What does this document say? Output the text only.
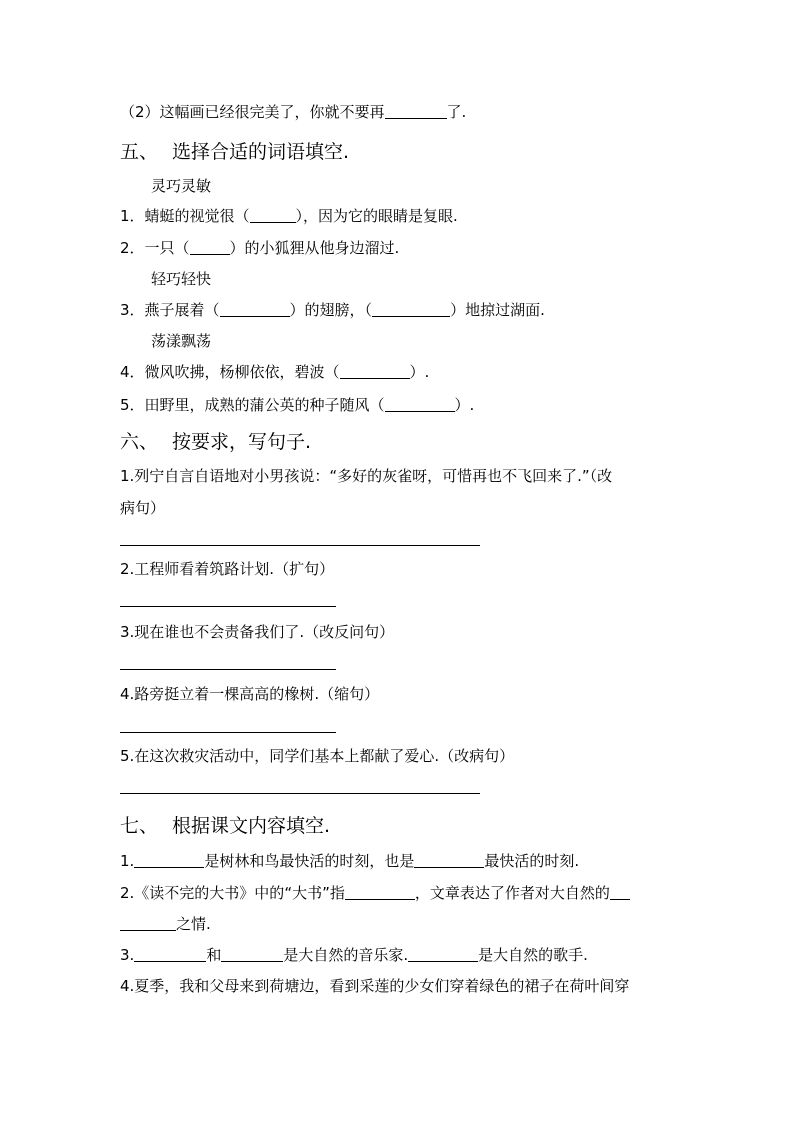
（2）这幅画已经很完美了，你就不要再	了.
五、 选择合适的词语填空.
灵巧灵敏
1．蜻蜓的视觉很（	），因为它的眼睛是复眼.
2．一只（	）的小狐狸从他身边溜过.
轻巧轻快
3．燕子展着（	）的翅膀，（	）地掠过湖面.
荡漾飘荡
4．微风吹拂，杨柳依依，碧波（	）.
5．田野里，成熟的蒲公英的种子随风（	）.
六、 按要求，写句子.
1.列宁自言自语地对小男孩说：“多好的灰雀呀，可惜再也不飞回来了.”（改
病句）
2.工程师看着筑路计划.（扩句）
3.现在谁也不会责备我们了.（改反问句）
4.路旁挺立着一棵高高的橡树.（缩句）
5.在这次救灾活动中，同学们基本上都献了爱心.（改病句）
七、 根据课文内容填空.
1.	是树林和鸟最快活的时刻，也是	最快活的时刻.
2.《读不完的大书》中的“大书”指	，文章表达了作者对大自然的
之情.
3.	和	是大自然的音乐家.	是大自然的歌手.
4.夏季，我和父母来到荷塘边，看到采莲的少女们穿着绿色的裙子在荷叶间穿
